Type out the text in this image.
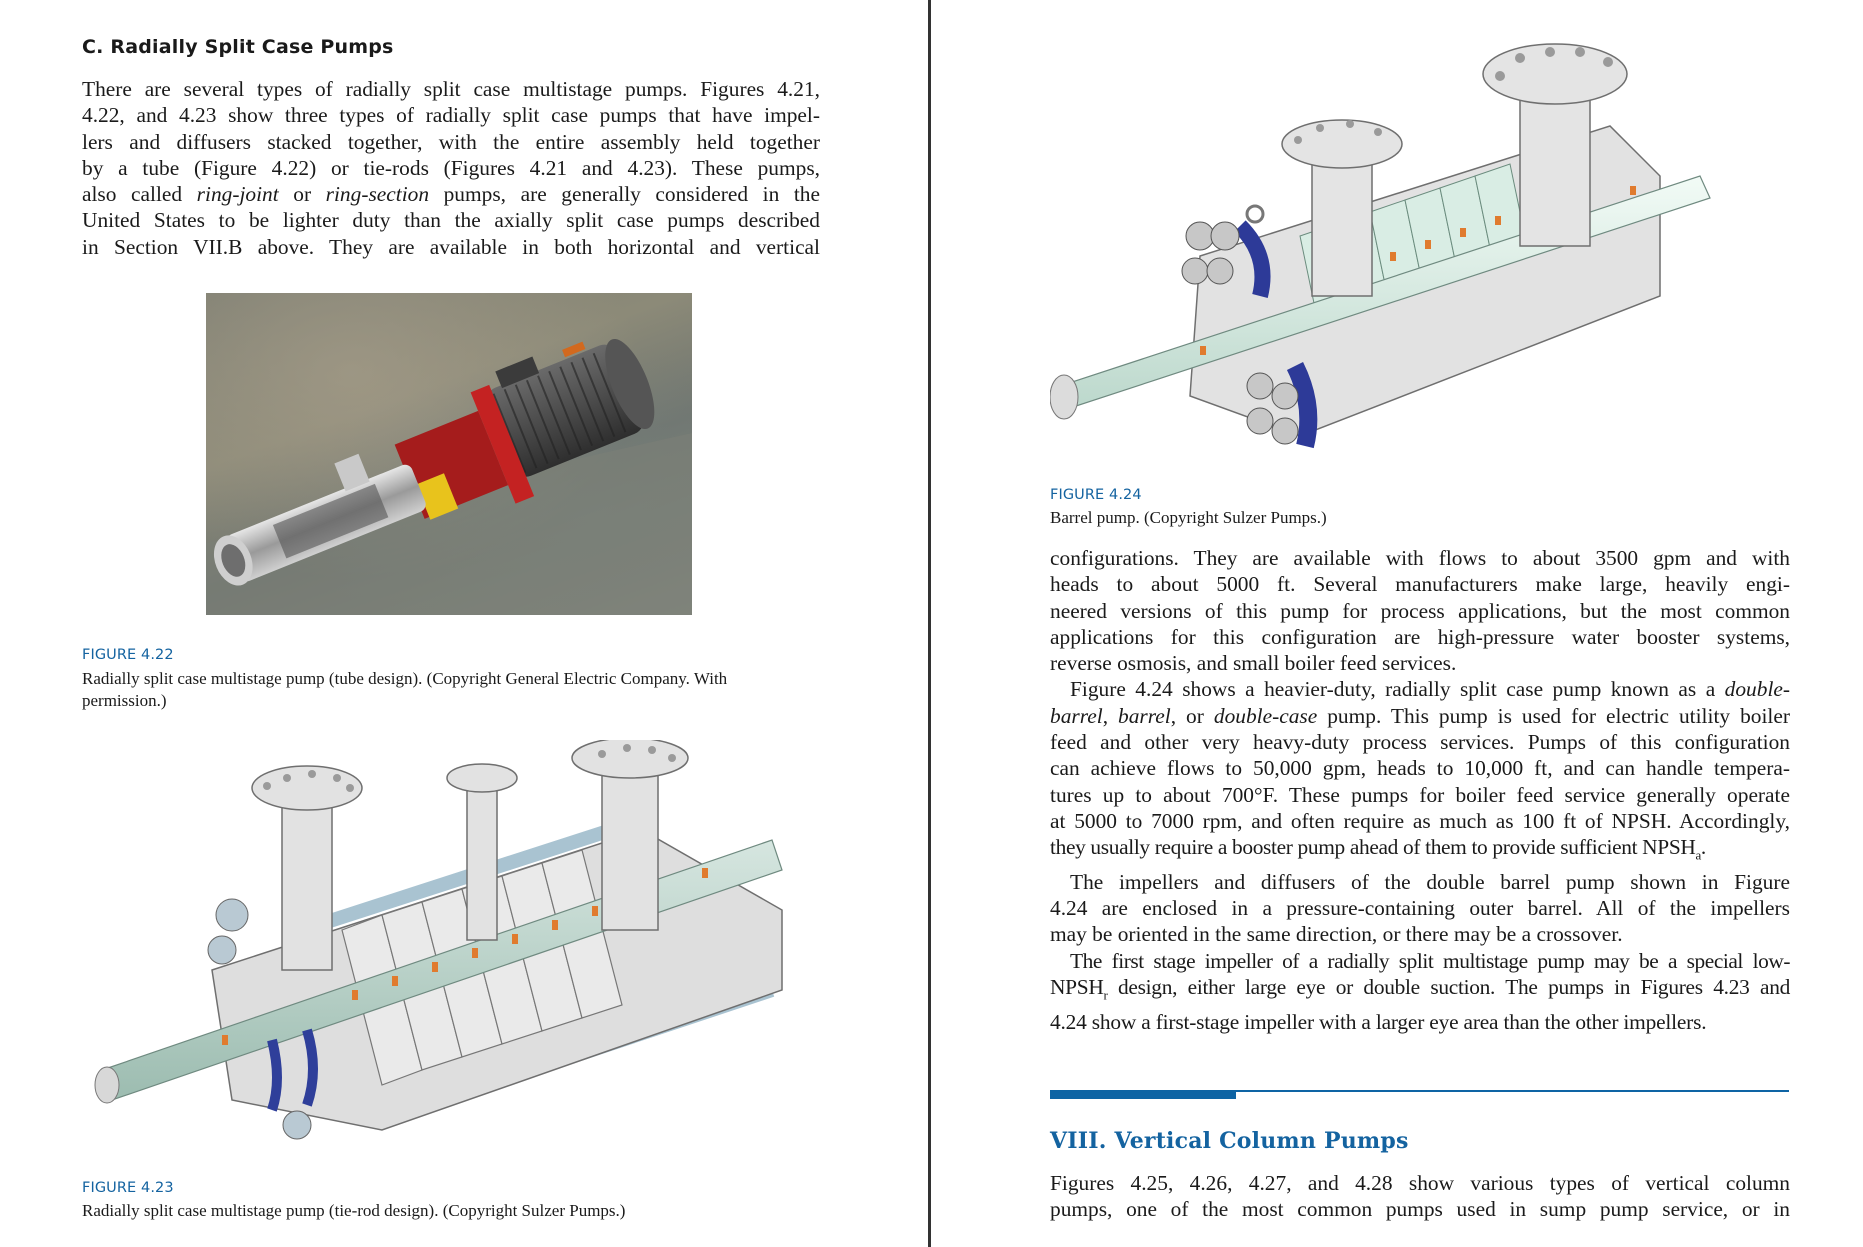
C. Radially Split Case Pumps
There are several types of radially split case multistage pumps. Figures 4.21,
4.22, and 4.23 show three types of radially split case pumps that have impel-
lers and diffusers stacked together, with the entire assembly held together
by a tube (Figure 4.22) or tie-rods (Figures 4.21 and 4.23). These pumps,
also called ring-joint or ring-section pumps, are generally considered in the
United States to be lighter duty than the axially split case pumps described
in Section VII.B above. They are available in both horizontal and vertical
FIGURE 4.22
Radially split case multistage pump (tube design). (Copyright General Electric Company. With
permission.)
FIGURE 4.23
Radially split case multistage pump (tie-rod design). (Copyright Sulzer Pumps.)
FIGURE 4.24
Barrel pump. (Copyright Sulzer Pumps.)
configurations. They are available with flows to about 3500 gpm and with
heads to about 5000 ft. Several manufacturers make large, heavily engi-
neered versions of this pump for process applications, but the most common
applications for this configuration are high-pressure water booster systems,
reverse osmosis, and small boiler feed services.
Figure 4.24 shows a heavier-duty, radially split case pump known as a double-
barrel, barrel, or double-case pump. This pump is used for electric utility boiler
feed and other very heavy-duty process services. Pumps of this configuration
can achieve flows to 50,000 gpm, heads to 10,000 ft, and can handle tempera-
tures up to about 700°F. These pumps for boiler feed service generally operate
at 5000 to 7000 rpm, and often require as much as 100 ft of NPSH. Accordingly,
they usually require a booster pump ahead of them to provide sufficient $NPSH_a$.
The impellers and diffusers of the double barrel pump shown in Figure
4.24 are enclosed in a pressure-containing outer barrel. All of the impellers
may be oriented in the same direction, or there may be a crossover.
The first stage impeller of a radially split multistage pump may be a special low-
$NPSH_r$ design, either large eye or double suction. The pumps in Figures 4.23 and
4.24 show a first-stage impeller with a larger eye area than the other impellers.
VIII. Vertical Column Pumps
Figures 4.25, 4.26, 4.27, and 4.28 show various types of vertical column
pumps, one of the most common pumps used in sump pump service, or in
